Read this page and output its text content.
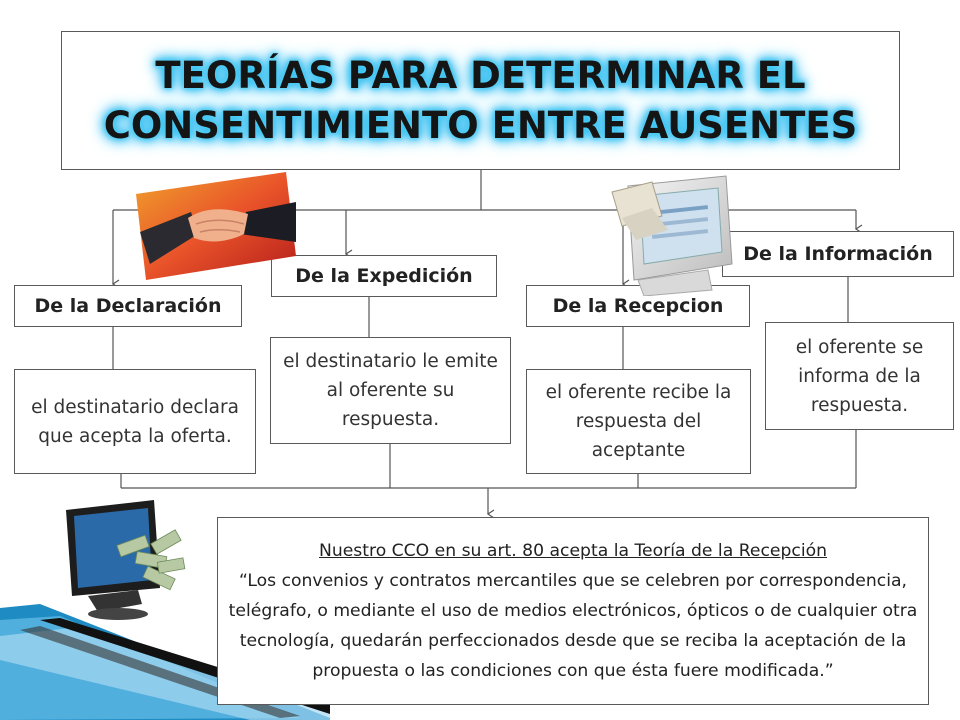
TEORÍAS PARA DETERMINAR EL
CONSENTIMIENTO ENTRE AUSENTES
De la Declaración
De la Expedición
De la Recepcion
De la Información
el destinatario declara que acepta la oferta.
el destinatario le emite al oferente su respuesta.
el oferente recibe la respuesta del aceptante
el oferente se informa de la respuesta.
Nuestro CCO en su art. 80 acepta la Teoría de la Recepción
“Los convenios y contratos mercantiles que se celebren por correspondencia, telégrafo, o mediante el uso de medios electrónicos, ópticos o de cualquier otra tecnología, quedarán perfeccionados desde que se reciba la aceptación de la propuesta o las condiciones con que ésta fuere modificada.”
